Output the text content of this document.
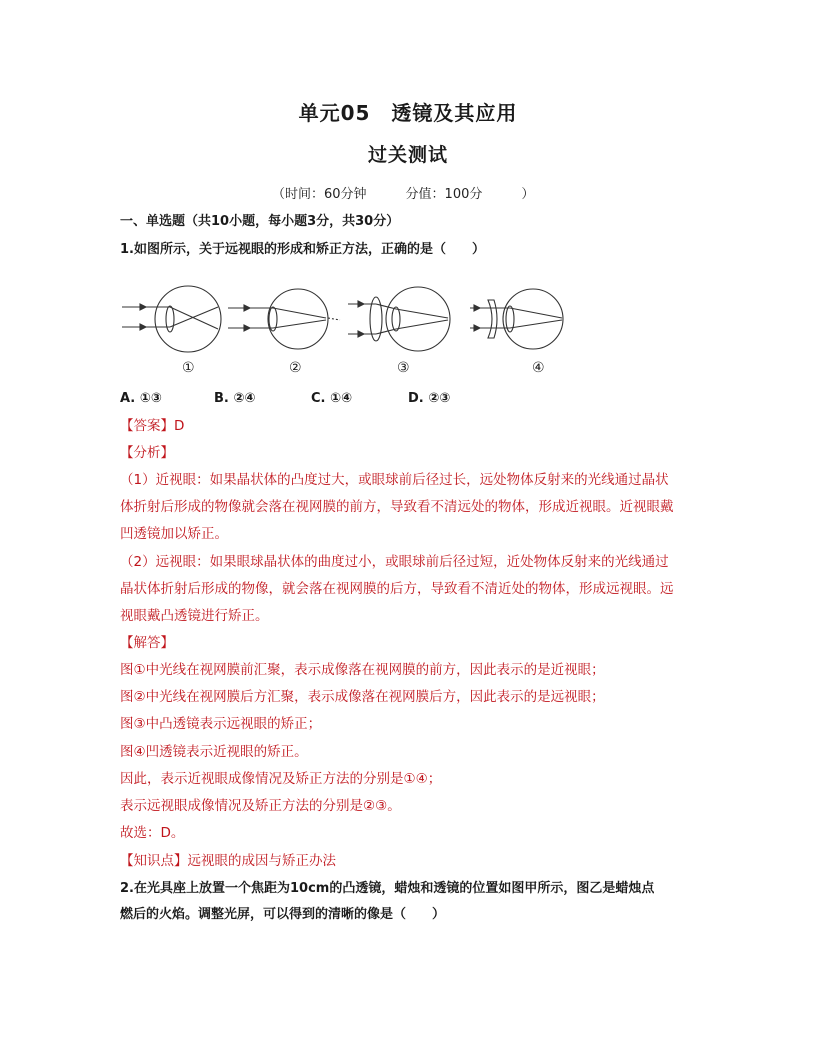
单元05　透镜及其应用
过关测试
（时间：60分钟　　　分值：100分　　　）
一、单选题（共10小题，每小题3分，共30分）
1.如图所示，关于远视眼的形成和矫正方法，正确的是（　　）
①	②	③	④
A. ①③	B. ②④	C. ①④	D. ②③
【答案】D
【分析】
（1）近视眼：如果晶状体的凸度过大，或眼球前后径过长，远处物体反射来的光线通过晶状
体折射后形成的物像就会落在视网膜的前方，导致看不清远处的物体，形成近视眼。近视眼戴
凹透镜加以矫正。
（2）远视眼：如果眼球晶状体的曲度过小，或眼球前后径过短，近处物体反射来的光线通过
晶状体折射后形成的物像，就会落在视网膜的后方，导致看不清近处的物体，形成远视眼。远
视眼戴凸透镜进行矫正。
【解答】
图①中光线在视网膜前汇聚，表示成像落在视网膜的前方，因此表示的是近视眼；
图②中光线在视网膜后方汇聚，表示成像落在视网膜后方，因此表示的是远视眼；
图③中凸透镜表示远视眼的矫正；
图④凹透镜表示近视眼的矫正。
因此，表示近视眼成像情况及矫正方法的分别是①④；
表示远视眼成像情况及矫正方法的分别是②③。
故选：D。
【知识点】远视眼的成因与矫正办法
2.在光具座上放置一个焦距为10cm的凸透镜，蜡烛和透镜的位置如图甲所示，图乙是蜡烛点
燃后的火焰。调整光屏，可以得到的清晰的像是（　　）
